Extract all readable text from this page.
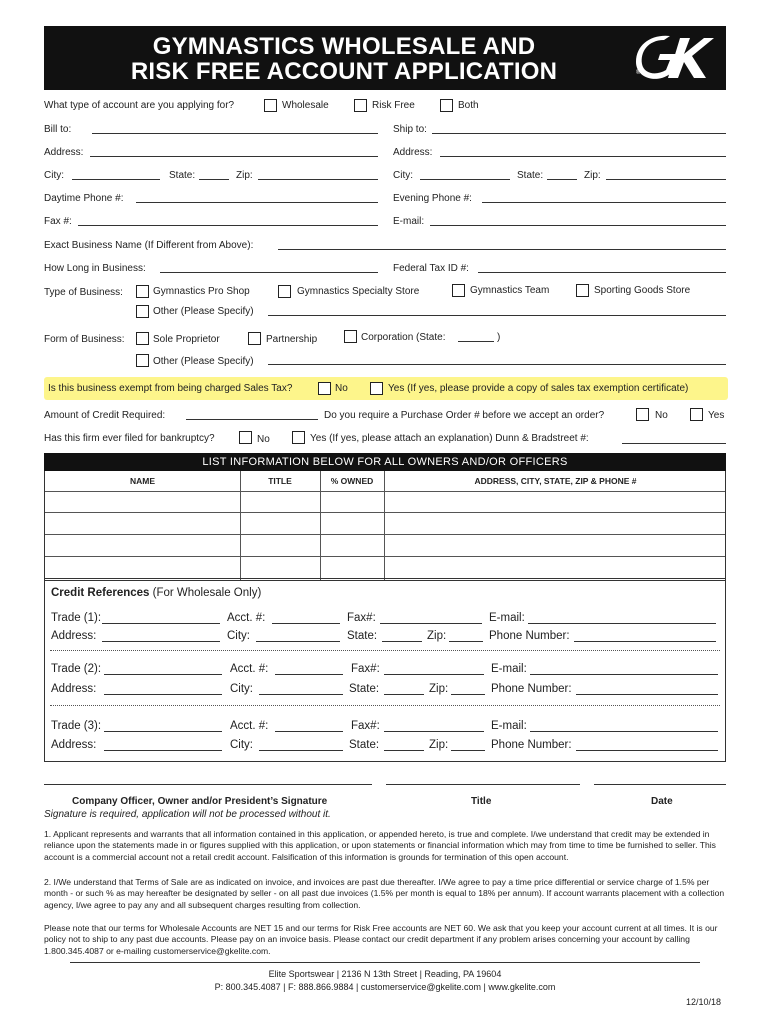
GYMNASTICS WHOLESALE AND
RISK FREE ACCOUNT APPLICATION	®
What type of account are you applying for?	Wholesale	Risk Free	Both
Bill to:	Ship to:
Address:	Address:
City:	State:	Zip:	City:	State:	Zip:
Daytime Phone #:	Evening Phone #:
Fax #:	E-mail:
Exact Business Name (If Different from Above):
How Long in Business:	Federal Tax ID #:
Type of Business:	Gymnastics Pro Shop	Gymnastics Specialty Store	Gymnastics Team	Sporting Goods Store
Other (Please Specify)
Form of Business:	Sole Proprietor	Partnership	Corporation (State:	)
Other (Please Specify)
Is this business exempt from being charged Sales Tax?	No	Yes (If yes, please provide a copy of sales tax exemption certificate)
Amount of Credit Required:	Do you require a Purchase Order # before we accept an order?	No	Yes
Has this firm ever filed for bankruptcy?	No	Yes (If yes, please attach an explanation) Dunn & Bradstreet #:
LIST INFORMATION BELOW FOR ALL OWNERS AND/OR OFFICERS
NAME	TITLE	% OWNED	ADDRESS, CITY, STATE, ZIP & PHONE #
Credit References (For Wholesale Only)
Trade (1):	Acct. #:	Fax#:	E-mail:
Address:	City:	State:	Zip:	Phone Number:
Trade (2):	Acct. #:	Fax#:	E-mail:
Address:	City:	State:	Zip:	Phone Number:
Trade (3):	Acct. #:	Fax#:	E-mail:
Address:	City:	State:	Zip:	Phone Number:
Company Officer, Owner and/or President’s Signature	Title	Date
Signature is required, application will not be processed without it.
1. Applicant represents and warrants that all information contained in this application, or appended hereto, is true and complete. I/we understand that credit may be extended in reliance upon the statements made in or figures supplied with this application, or upon statements or financial information which may from time to time be furnished to seller. This account is a commercial account not a retail credit account. Falsification of this information is grounds for termination of this open account.
2. I/We understand that Terms of Sale are as indicated on invoice, and invoices are past due thereafter. I/We agree to pay a time price differential or service charge of 1.5% per month - or such % as may hereafter be designated by seller - on all past due invoices (1.5% per month is equal to 18% per annum). If account warrants placement with a collection agency, I/we agree to pay any and all subsequent charges resulting from collection.
Please note that our terms for Wholesale Accounts are NET 15 and our terms for Risk Free accounts are NET 60. We ask that you keep your account current at all times. It is our policy not to ship to any past due accounts. Please pay on an invoice basis. Please contact our credit department if any problem arises concerning your account by calling 1.800.345.4087 or e-mailing customerservice@gkelite.com.
Elite Sportswear | 2136 N 13th Street | Reading, PA 19604
P: 800.345.4087 | F: 888.866.9884 | customerservice@gkelite.com | www.gkelite.com
12/10/18
